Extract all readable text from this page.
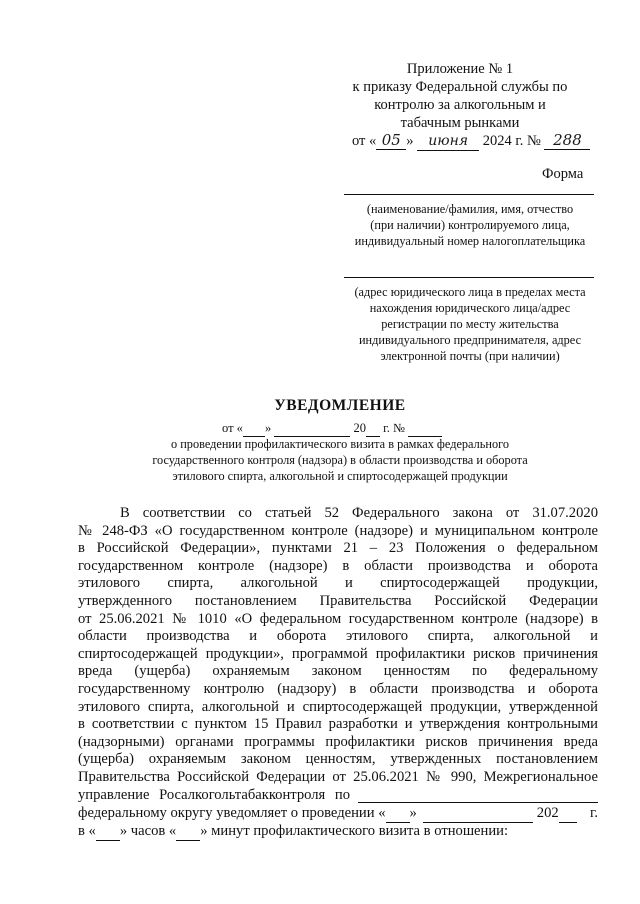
Приложение № 1
к приказу Федеральной службы по
контролю за алкогольным и
табачным рынками
от « 05 » июня 2024 г. № 288
Форма
(наименование/фамилия, имя, отчество
(при наличии) контролируемого лица,
индивидуальный номер налогоплательщика
(адрес юридического лица в пределах места
нахождения юридического лица/адрес
регистрации по месту жительства
индивидуального предпринимателя, адрес
электронной почты (при наличии)
УВЕДОМЛЕНИЕ
от « »	20 г. №
о проведении профилактического визита в рамках федерального
государственного контроля (надзора) в области производства и оборота
этилового спирта, алкогольной и спиртосодержащей продукции

В соответствии со статьей 52 Федерального закона от 31.07.2020

№ 248-ФЗ «О государственном контроле (надзоре) и муниципальном контроле

в Российской Федерации», пунктами 21 – 23 Положения о федеральном

государственном контроле (надзоре) в области производства и оборота

этилового спирта, алкогольной и спиртосодержащей продукции,

утвержденного постановлением Правительства Российской Федерации

от 25.06.2021 № 1010 «О федеральном государственном контроле (надзоре) в

области производства и оборота этилового спирта, алкогольной и

спиртосодержащей продукции», программой профилактики рисков причинения

вреда (ущерба) охраняемым законом ценностям по федеральному

государственному контролю (надзору) в области производства и оборота

этилового спирта, алкогольной и спиртосодержащей продукции, утвержденной

в соответствии с пунктом 15 Правил разработки и утверждения контрольными

(надзорными) органами программы профилактики рисков причинения вреда

(ущерба) охраняемым законом ценностям, утвержденных постановлением

Правительства Российской Федерации от 25.06.2021 № 990, Межрегиональное

управление Росалкогольтабакконтроля по

федеральному округу уведомляет о проведении «
»
	202
г.

в « » часов « » минут профилактического визита в отношении:
